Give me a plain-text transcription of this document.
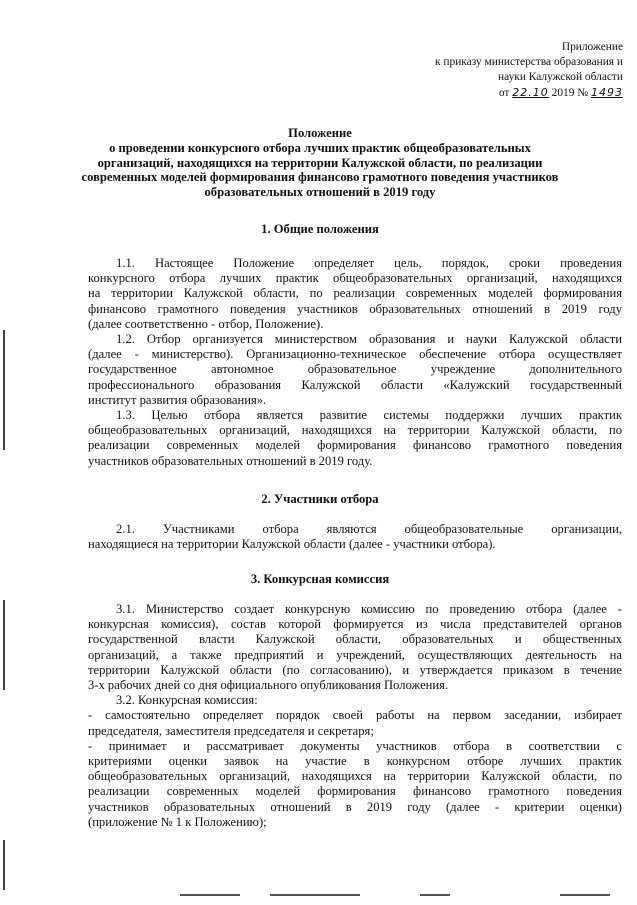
Приложение
к приказу министерства образования и
науки Калужской области
от 22.10 2019 № 1493
Положение
о проведении конкурсного отбора лучших практик общеобразовательных
организаций, находящихся на территории Калужской области, по реализации
современных моделей формирования финансово грамотного поведения участников
образовательных отношений в 2019 году
1. Общие положения

1.1. Настоящее Положение определяет цель, порядок, сроки проведения

конкурсного отбора лучших практик общеобразовательных организаций, находящихся

на территории Калужской области, по реализации современных моделей формирования

финансово грамотного поведения участников образовательных отношений в 2019 году

(далее соответственно - отбор, Положение).

1.2. Отбор организуется министерством образования и науки Калужской области

(далее - министерство). Организационно-техническое обеспечение отбора осуществляет

государственное автономное образовательное учреждение дополнительного

профессионального образования Калужской области «Калужский государственный

институт развития образования».

1.3. Целью отбора является развитие системы поддержки лучших практик

общеобразовательных организаций, находящихся на территории Калужской области, по

реализации современных моделей формирования финансово грамотного поведения

участников образовательных отношений в 2019 году.

2. Участники отбора

2.1. Участниками отбора являются общеобразовательные организации,

находящиеся на территории Калужской области (далее - участники отбора).

3. Конкурсная комиссия

3.1. Министерство создает конкурсную комиссию по проведению отбора (далее -

конкурсная комиссия), состав которой формируется из числа представителей органов

государственной власти Калужской области, образовательных и общественных

организаций, а также предприятий и учреждений, осуществляющих деятельность на

территории Калужской области (по согласованию), и утверждается приказом в течение

3-х рабочих дней со дня официального опубликования Положения.

3.2. Конкурсная комиссия:

- самостоятельно определяет порядок своей работы на первом заседании, избирает

председателя, заместителя председателя и секретаря;

- принимает и рассматривает документы участников отбора в соответствии с

критериями оценки заявок на участие в конкурсном отборе лучших практик

общеобразовательных организаций, находящихся на территории Калужской области, по

реализации современных моделей формирования финансово грамотного поведения

участников образовательных отношений в 2019 году (далее - критерии оценки)

(приложение № 1 к Положению);
